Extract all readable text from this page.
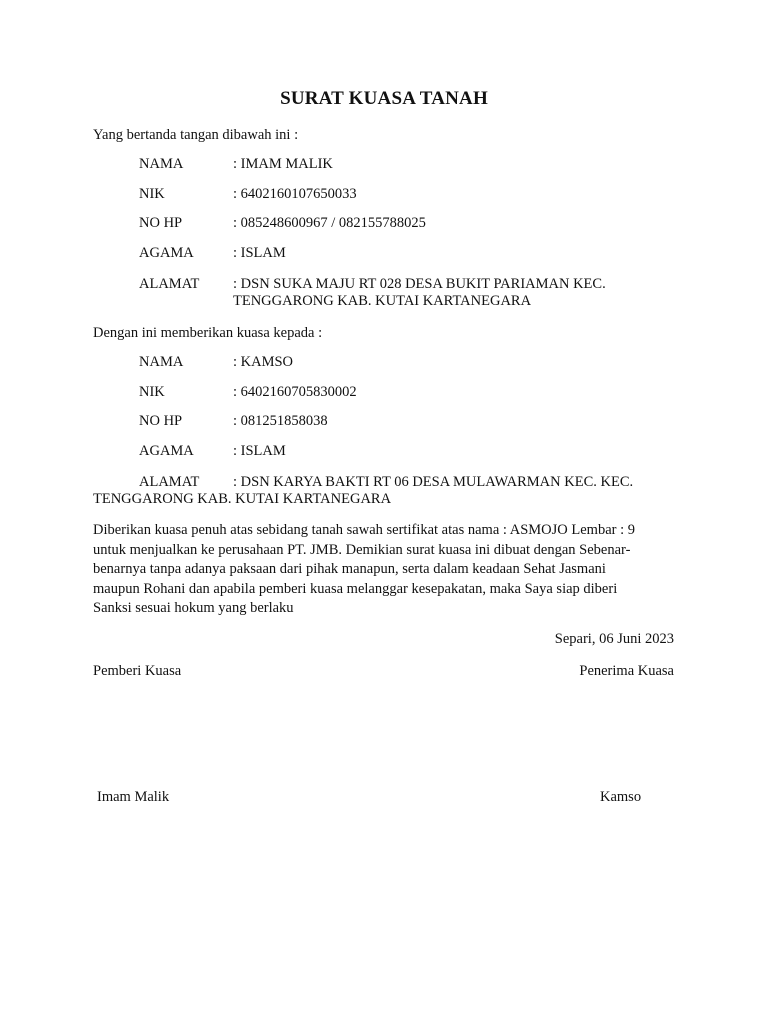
SURAT KUASA TANAH
Yang bertanda tangan dibawah ini :
NAMA	: IMAM MALIK
NIK	: 6402160107650033
NO HP	: 085248600967 / 082155788025
AGAMA	: ISLAM
ALAMAT : DSN SUKA MAJU RT 028 DESA BUKIT PARIAMAN KEC.
TENGGARONG KAB. KUTAI KARTANEGARA
Dengan ini memberikan kuasa kepada :
NAMA	: KAMSO
NIK	: 6402160705830002
NO HP	: 081251858038
AGAMA	: ISLAM
ALAMAT : DSN KARYA BAKTI RT 06 DESA MULAWARMAN KEC. KEC.
TENGGARONG KAB. KUTAI KARTANEGARA
Diberikan kuasa penuh atas sebidang tanah sawah sertifikat atas nama : ASMOJO Lembar : 9
untuk menjualkan ke perusahaan PT. JMB. Demikian surat kuasa ini dibuat dengan Sebenar-
benarnya tanpa adanya paksaan dari pihak manapun, serta dalam keadaan Sehat Jasmani
maupun Rohani dan apabila pemberi kuasa melanggar kesepakatan, maka Saya siap diberi
Sanksi sesuai hokum yang berlaku
Separi, 06 Juni 2023
Pemberi Kuasa	Penerima Kuasa
Imam Malik	Kamso
